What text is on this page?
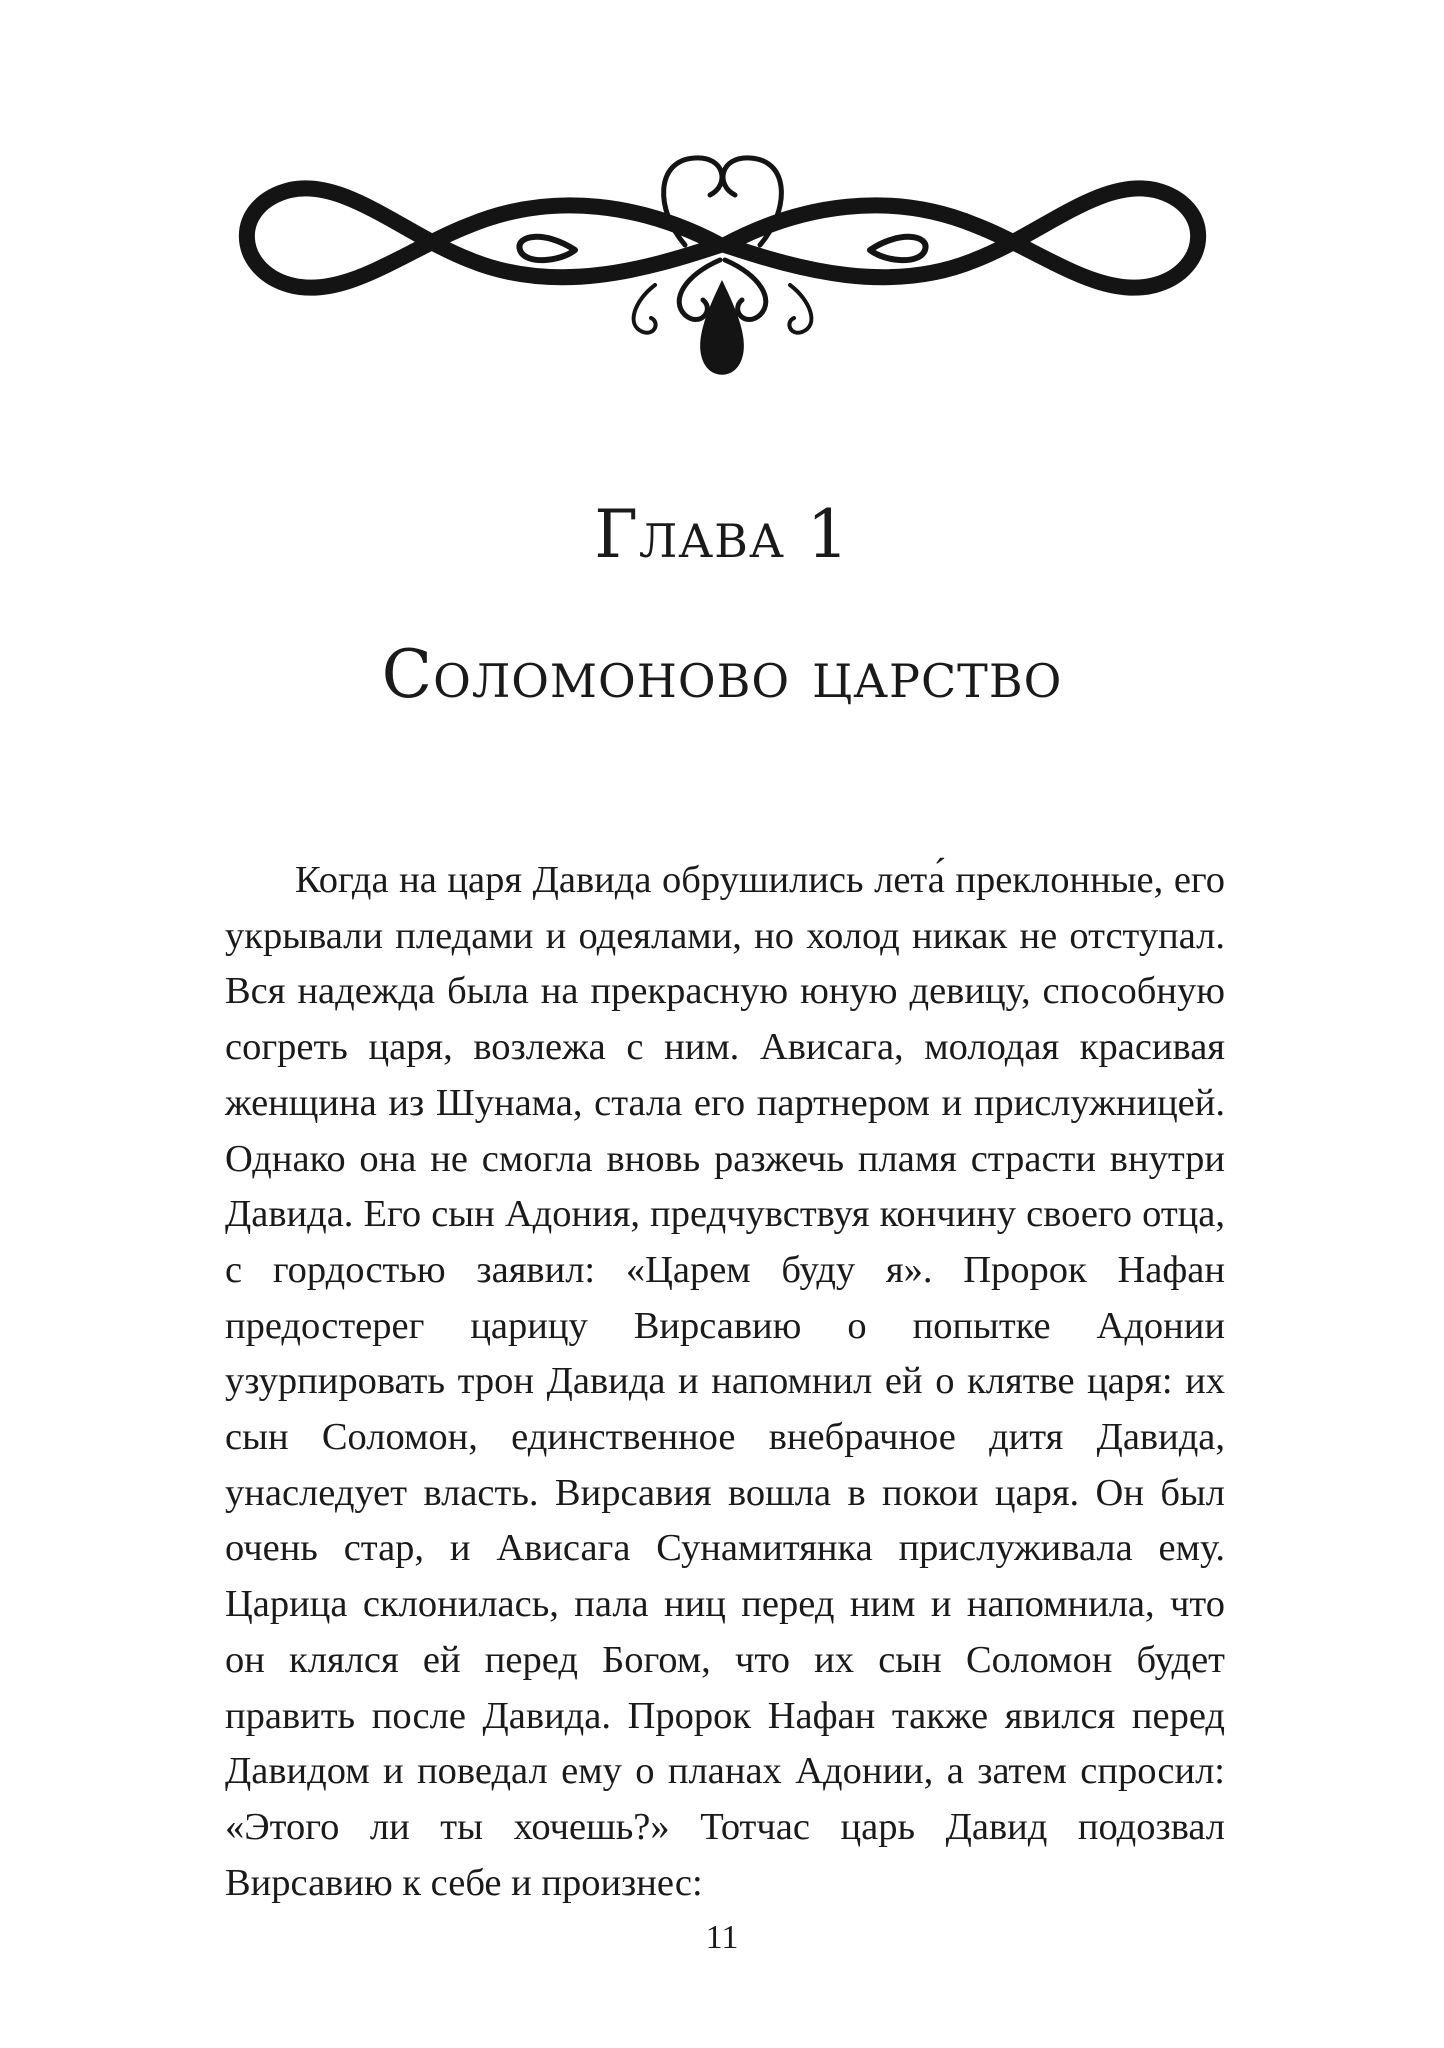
Глава 1
Соломоново царство

Когда на царя Давида обрушились лета́ преклонные, его укрывали пледами и одеялами, но холод никак не отступал. Вся надежда была на прекрасную юную девицу, способную согреть царя, возлежа с ним. Ависага, молодая красивая женщина из Шунама, стала его партнером и прислужницей. Однако она не смогла вновь разжечь пламя страсти внутри Давида. Его сын Адония, предчувствуя кончину своего отца, с гордостью заявил: «Царем буду я». Пророк Нафан предостерег царицу Вирсавию о попытке Адонии узурпировать трон Давида и напомнил ей о клятве царя: их сын Соломон, единственное внебрачное дитя Давида, унаследует власть. Вирсавия вошла в покои царя. Он был очень стар, и Ависага Сунамитянка прислуживала ему. Царица склонилась, пала ниц перед ним и напомнила, что он клялся ей перед Богом, что их сын Соломон будет править после Давида. Пророк Нафан также явился перед Давидом и поведал ему о планах Адонии, а затем спросил: «Этого ли ты хочешь?» Тотчас царь Давид подозвал Вирсавию к себе и произнес:

11
